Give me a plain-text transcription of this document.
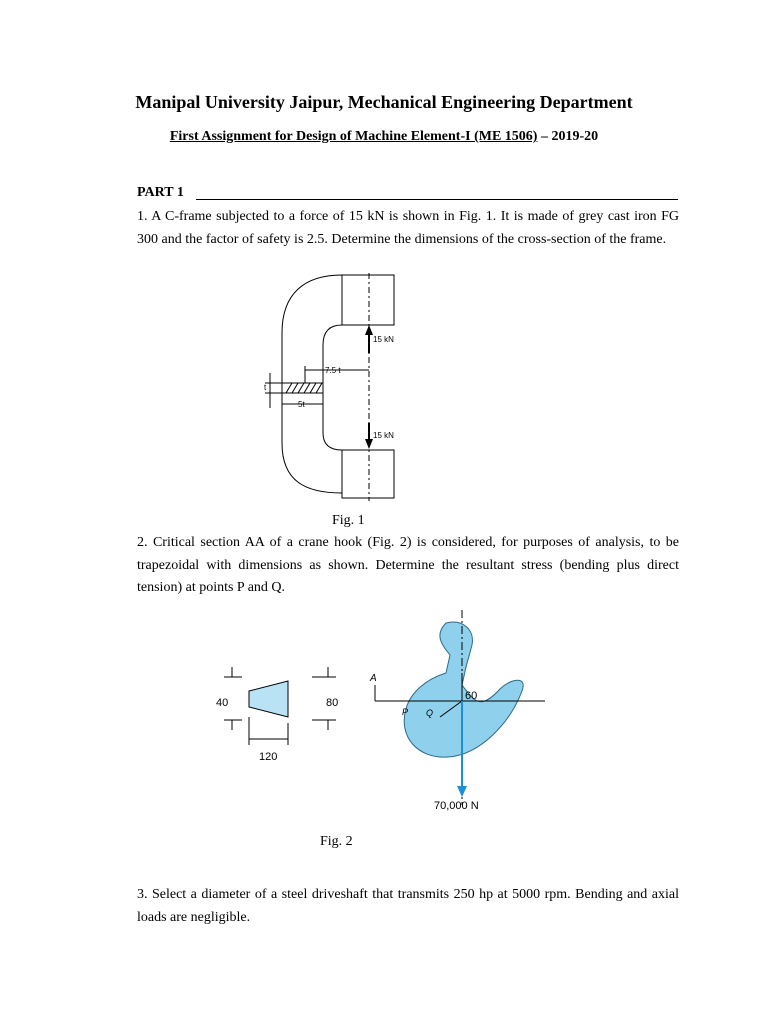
Manipal University Jaipur, Mechanical Engineering Department
First Assignment for Design of Machine Element-I (ME 1506) – 2019-20
PART 1
1. A C-frame subjected to a force of 15 kN is shown in Fig. 1. It is made of grey cast iron FG 300 and the factor of safety is 2.5. Determine the dimensions of the cross-section of the frame.
15 kN
15 kN
7.5 t
5t
t
Fig. 1
2. Critical section AA of a crane hook (Fig. 2) is considered, for purposes of analysis, to be trapezoidal with dimensions as shown. Determine the resultant stress (bending plus direct tension) at points P and Q.
40	80
120
A
P Q
60
70,000 N
Fig. 2
3. Select a diameter of a steel driveshaft that transmits 250 hp at 5000 rpm. Bending and axial loads are negligible.
